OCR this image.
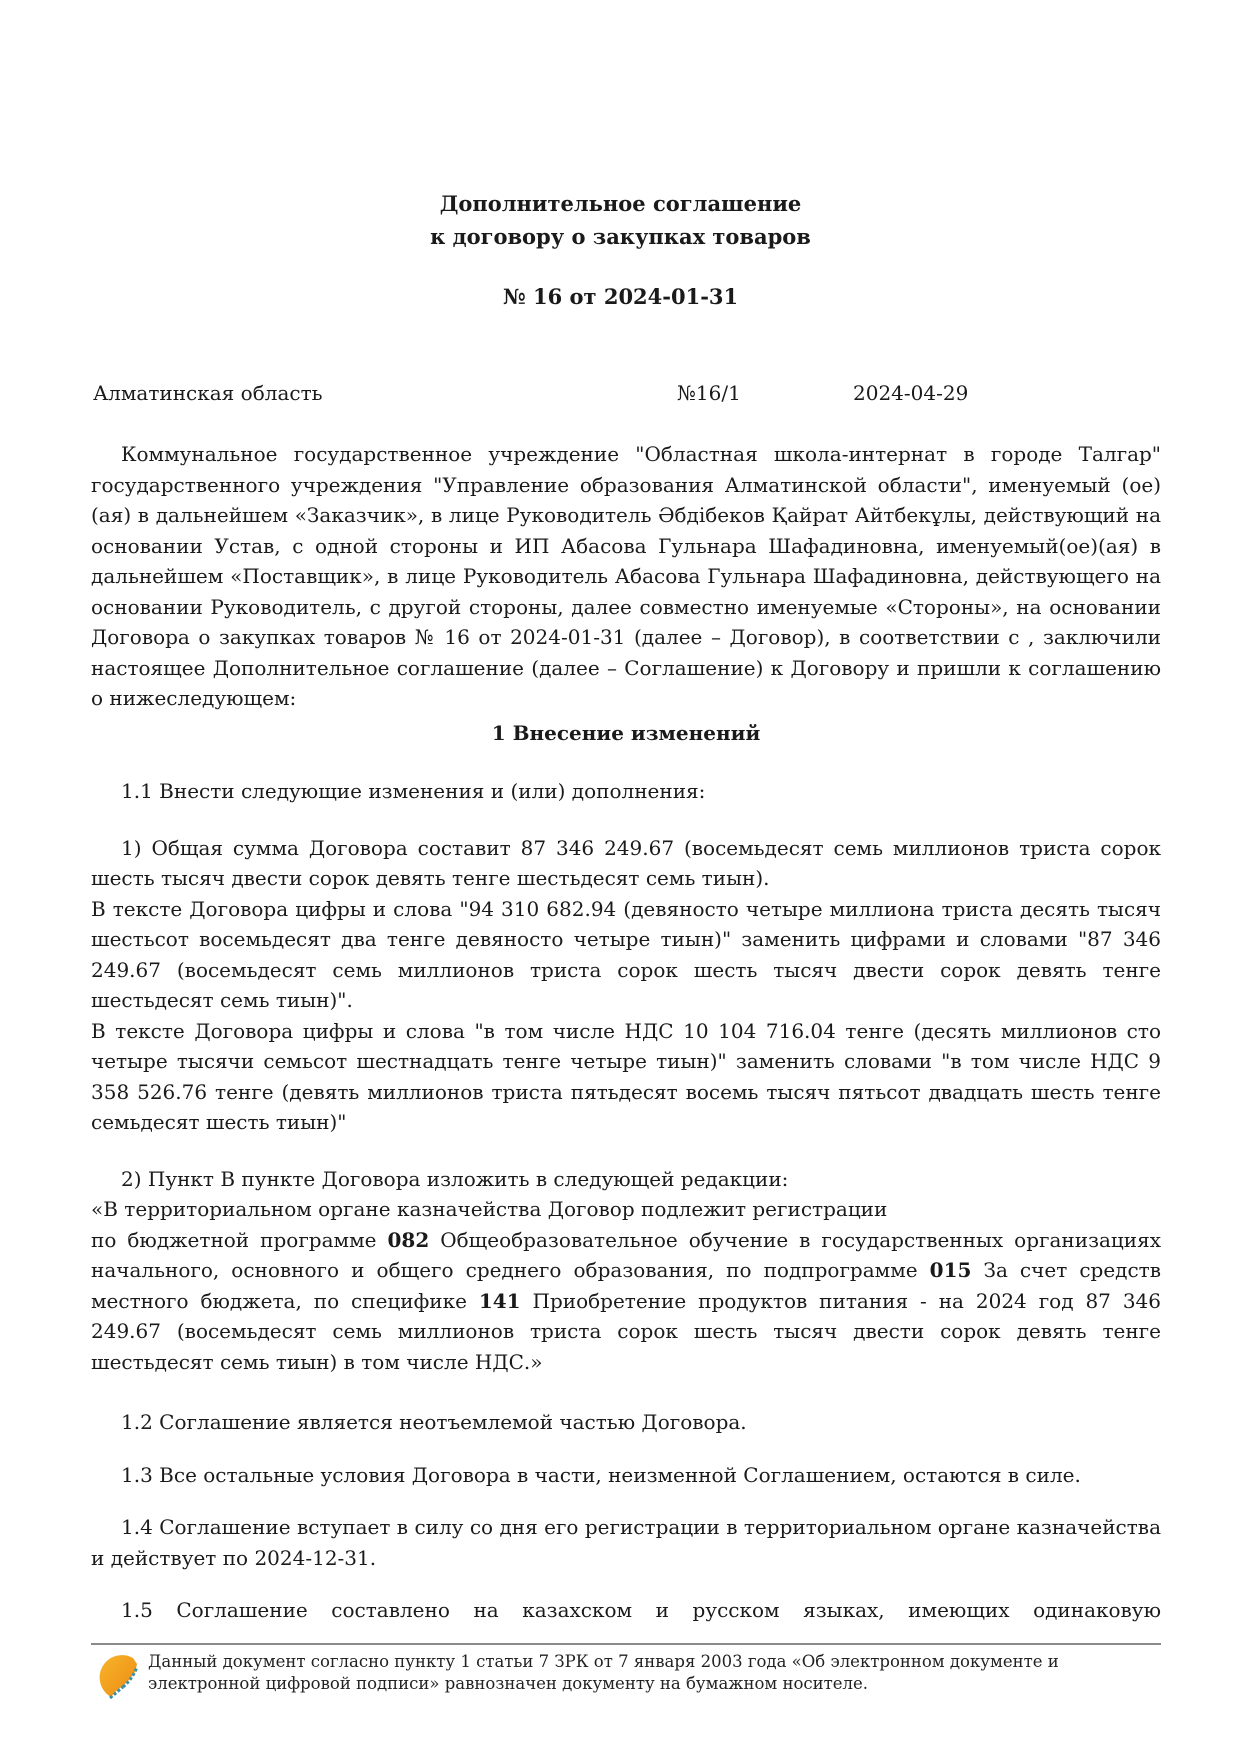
Дополнительное соглашение
к договору о закупках товаров
№ 16 от 2024-01-31
Алматинская область	№16/1	2024-04-29

Коммунальное государственное учреждение "Областная школа-интернат в городе Талгар" государственного учреждения "Управление образования Алматинской области", именуемый (ое)(ая) в дальнейшем «Заказчик», в лице Руководитель Әбдібеков Қайрат Айтбекұлы, действующий на основании Устав, с одной стороны и ИП Абасова Гульнара Шафадиновна, именуемый(ое)(ая) в дальнейшем «Поставщик», в лице Руководитель Абасова Гульнара Шафадиновна, действующего на основании Руководитель, с другой стороны, далее совместно именуемые «Стороны», на основании Договора о закупках товаров № 16 от 2024-01-31 (далее – Договор), в соответствии с , заключили настоящее Дополнительное соглашение (далее – Соглашение) к Договору и пришли к соглашению о нижеследующем:

1 Внесение изменений

1.1 Внести следующие изменения и (или) дополнения:

1) Общая сумма Договора составит 87 346 249.67 (восемьдесят семь миллионов триста сорок шесть тысяч двести сорок девять тенге шестьдесят семь тиын).

В тексте Договора цифры и слова "94 310 682.94 (девяносто четыре миллиона триста десять тысяч шестьсот восемьдесят два тенге девяносто четыре тиын)" заменить цифрами и словами "87 346 249.67 (восемьдесят семь миллионов триста сорок шесть тысяч двести сорок девять тенге шестьдесят семь тиын)".

В тексте Договора цифры и слова "в том числе НДС 10 104 716.04 тенге (десять миллионов сто четыре тысячи семьсот шестнадцать тенге четыре тиын)" заменить словами "в том числе НДС 9 358 526.76 тенге (девять миллионов триста пятьдесят восемь тысяч пятьсот двадцать шесть тенге семьдесят шесть тиын)"

2) Пункт В пункте Договора изложить в следующей редакции:

«В территориальном органе казначейства Договор подлежит регистрации

по бюджетной программе 082 Общеобразовательное обучение в государственных организациях начального, основного и общего среднего образования, по подпрограмме 015 За счет средств местного бюджета, по специфике 141 Приобретение продуктов питания - на 2024 год 87 346 249.67 (восемьдесят семь миллионов триста сорок шесть тысяч двести сорок девять тенге шестьдесят семь тиын) в том числе НДС.»

1.2 Соглашение является неотъемлемой частью Договора.

1.3 Все остальные условия Договора в части, неизменной Соглашением, остаются в силе.

1.4 Соглашение вступает в силу со дня его регистрации в территориальном органе казначейства и действует по 2024-12-31.

1.5 Соглашение составлено на казахском и русском языках, имеющих одинаковую

Данный документ согласно пункту 1 статьи 7 ЗРК от 7 января 2003 года «Об электронном документе и электронной цифровой подписи» равнозначен документу на бумажном носителе.
